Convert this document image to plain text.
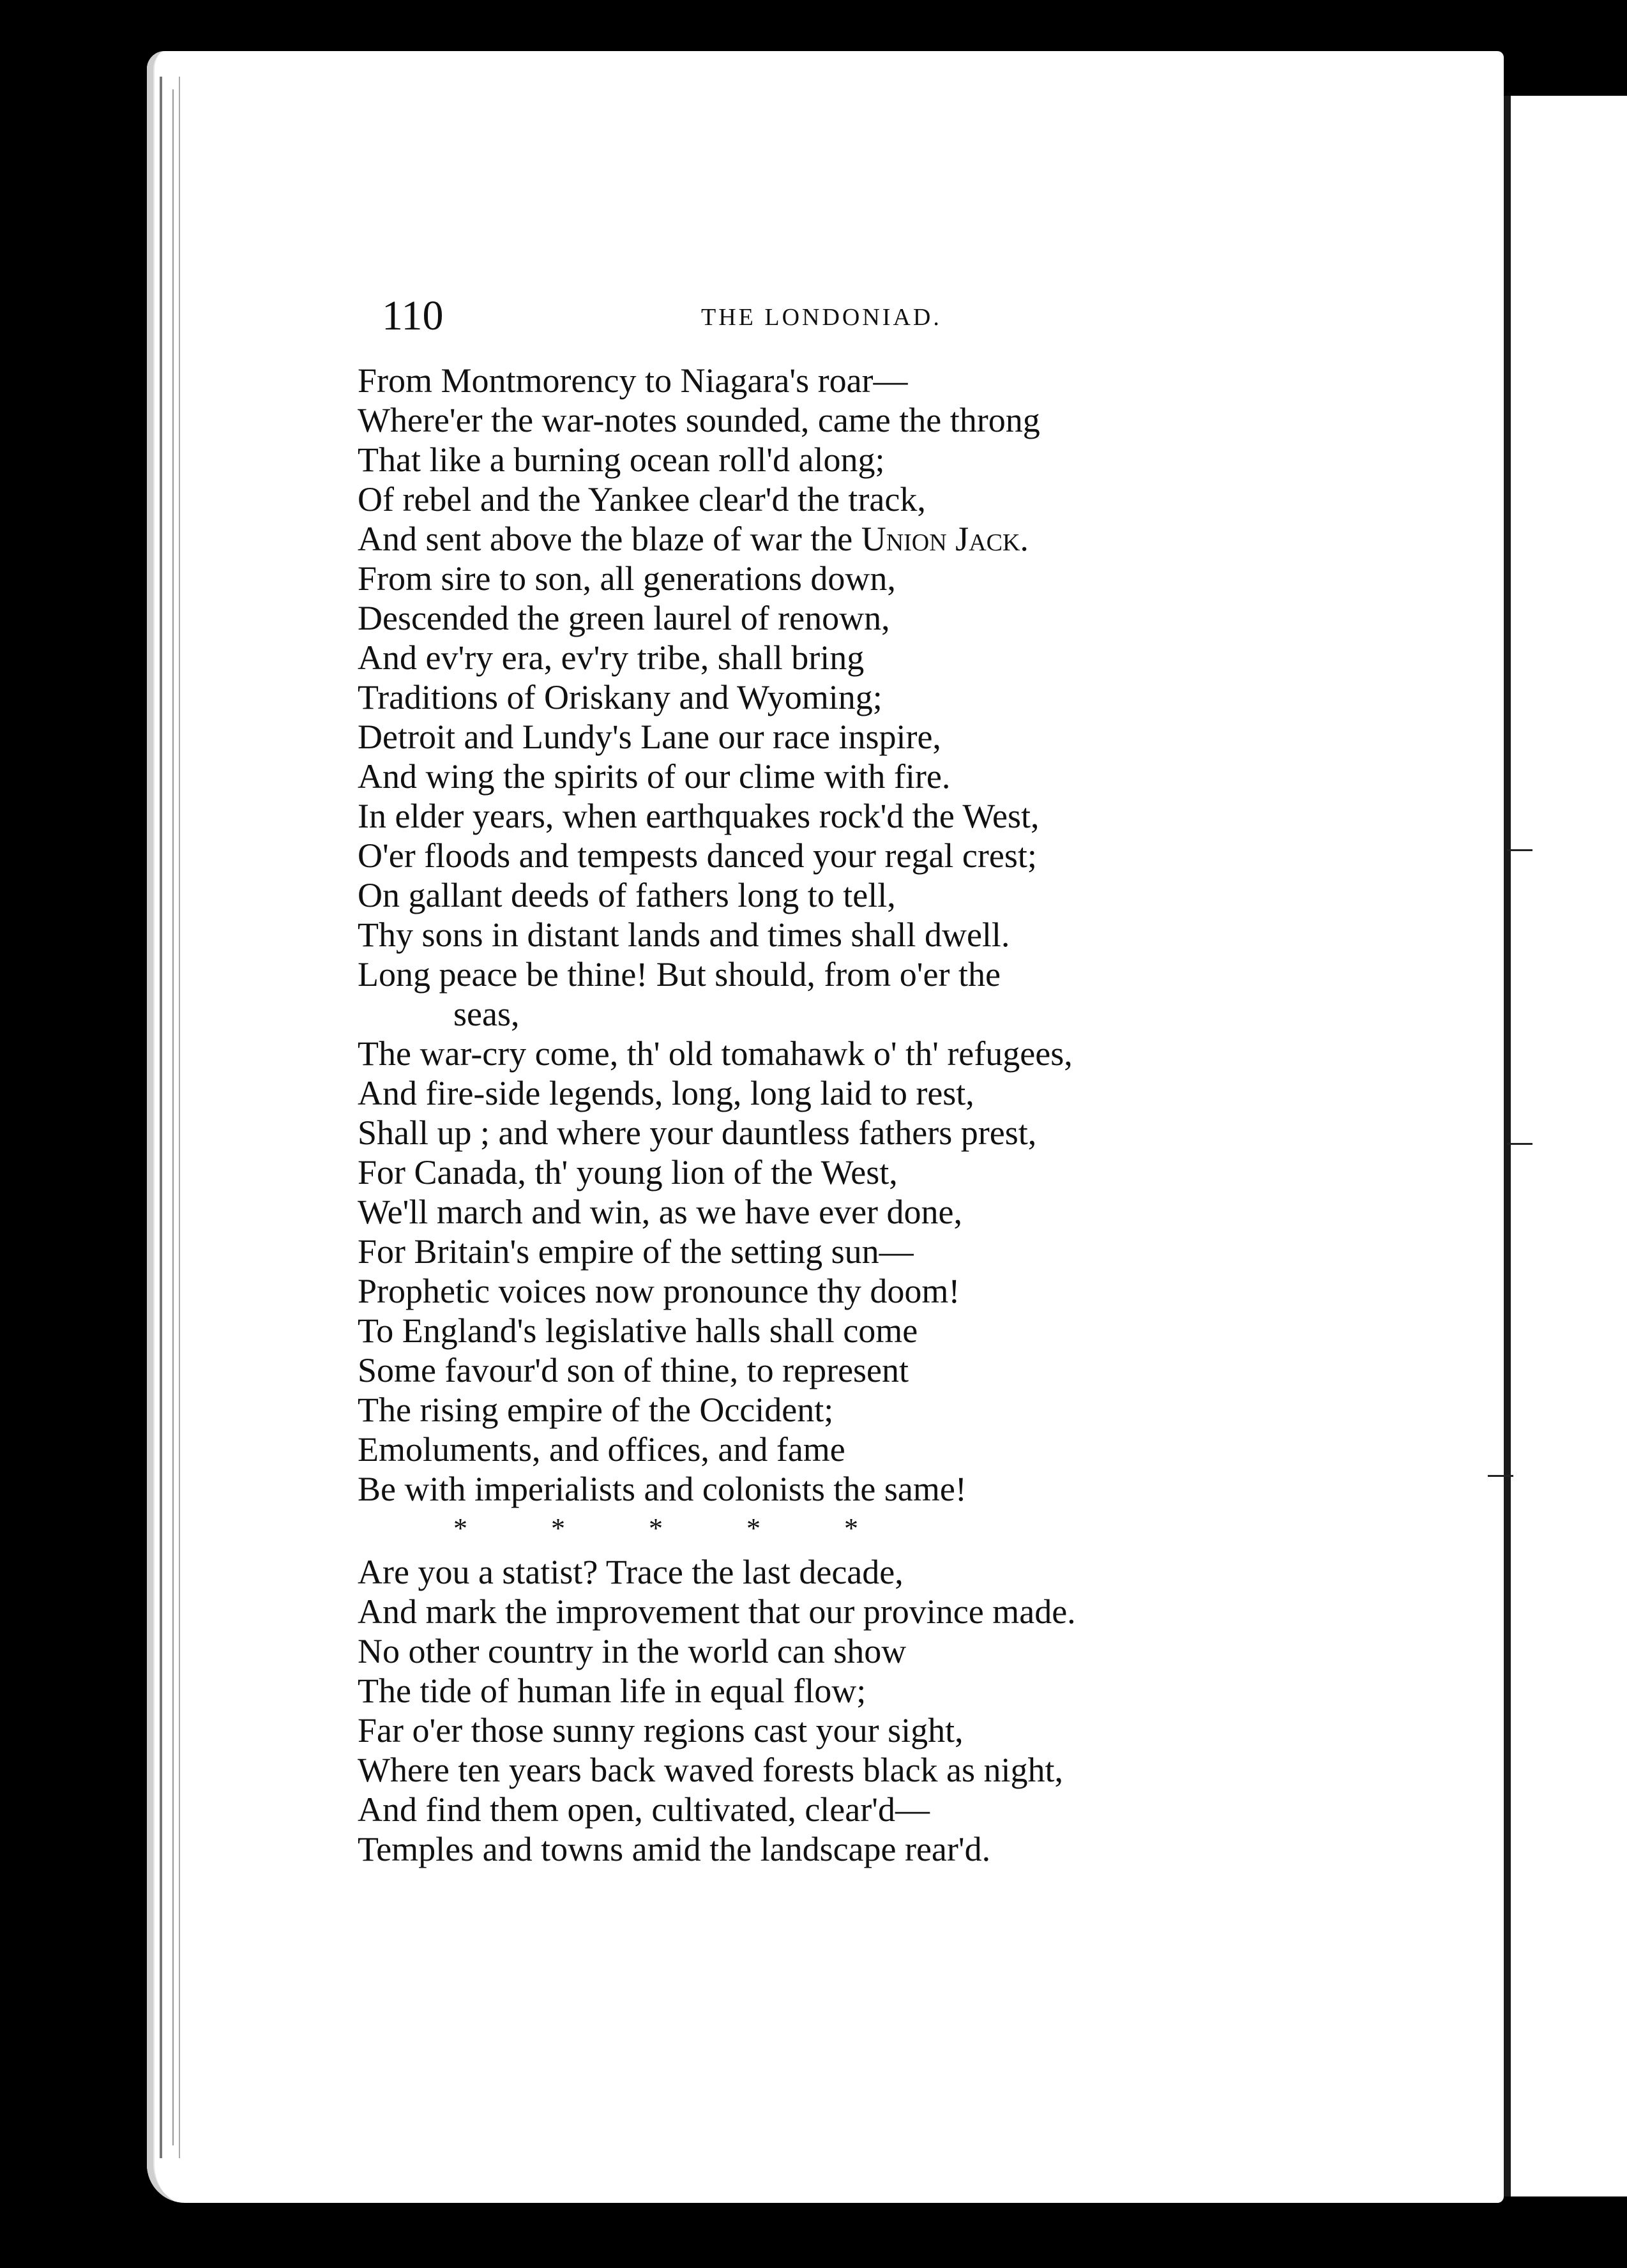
110	THE LONDONIAD.
From Montmorency to Niagara's roar—
Where'er the war-notes sounded, came the throng
That like a burning ocean roll'd along;
Of rebel and the Yankee clear'd the track,
And sent above the blaze of war the Union Jack.
From sire to son, all generations down,
Descended the green laurel of renown,
And ev'ry era, ev'ry tribe, shall bring
Traditions of Oriskany and Wyoming;
Detroit and Lundy's Lane our race inspire,
And wing the spirits of our clime with fire.
In elder years, when earthquakes rock'd the West,
O'er floods and tempests danced your regal crest;
On gallant deeds of fathers long to tell,
Thy sons in distant lands and times shall dwell.
Long peace be thine! But should, from o'er the
seas,
The war-cry come, th' old tomahawk o' th' refugees,
And fire-side legends, long, long laid to rest,
Shall up ; and where your dauntless fathers prest,
For Canada, th' young lion of the West,
We'll march and win, as we have ever done,
For Britain's empire of the setting sun—
Prophetic voices now pronounce thy doom!
To England's legislative halls shall come
Some favour'd son of thine, to represent
The rising empire of the Occident;
Emoluments, and offices, and fame
Be with imperialists and colonists the same!
* * * * *
Are you a statist? Trace the last decade,
And mark the improvement that our province made.
No other country in the world can show
The tide of human life in equal flow;
Far o'er those sunny regions cast your sight,
Where ten years back waved forests black as night,
And find them open, cultivated, clear'd—
Temples and towns amid the landscape rear'd.
